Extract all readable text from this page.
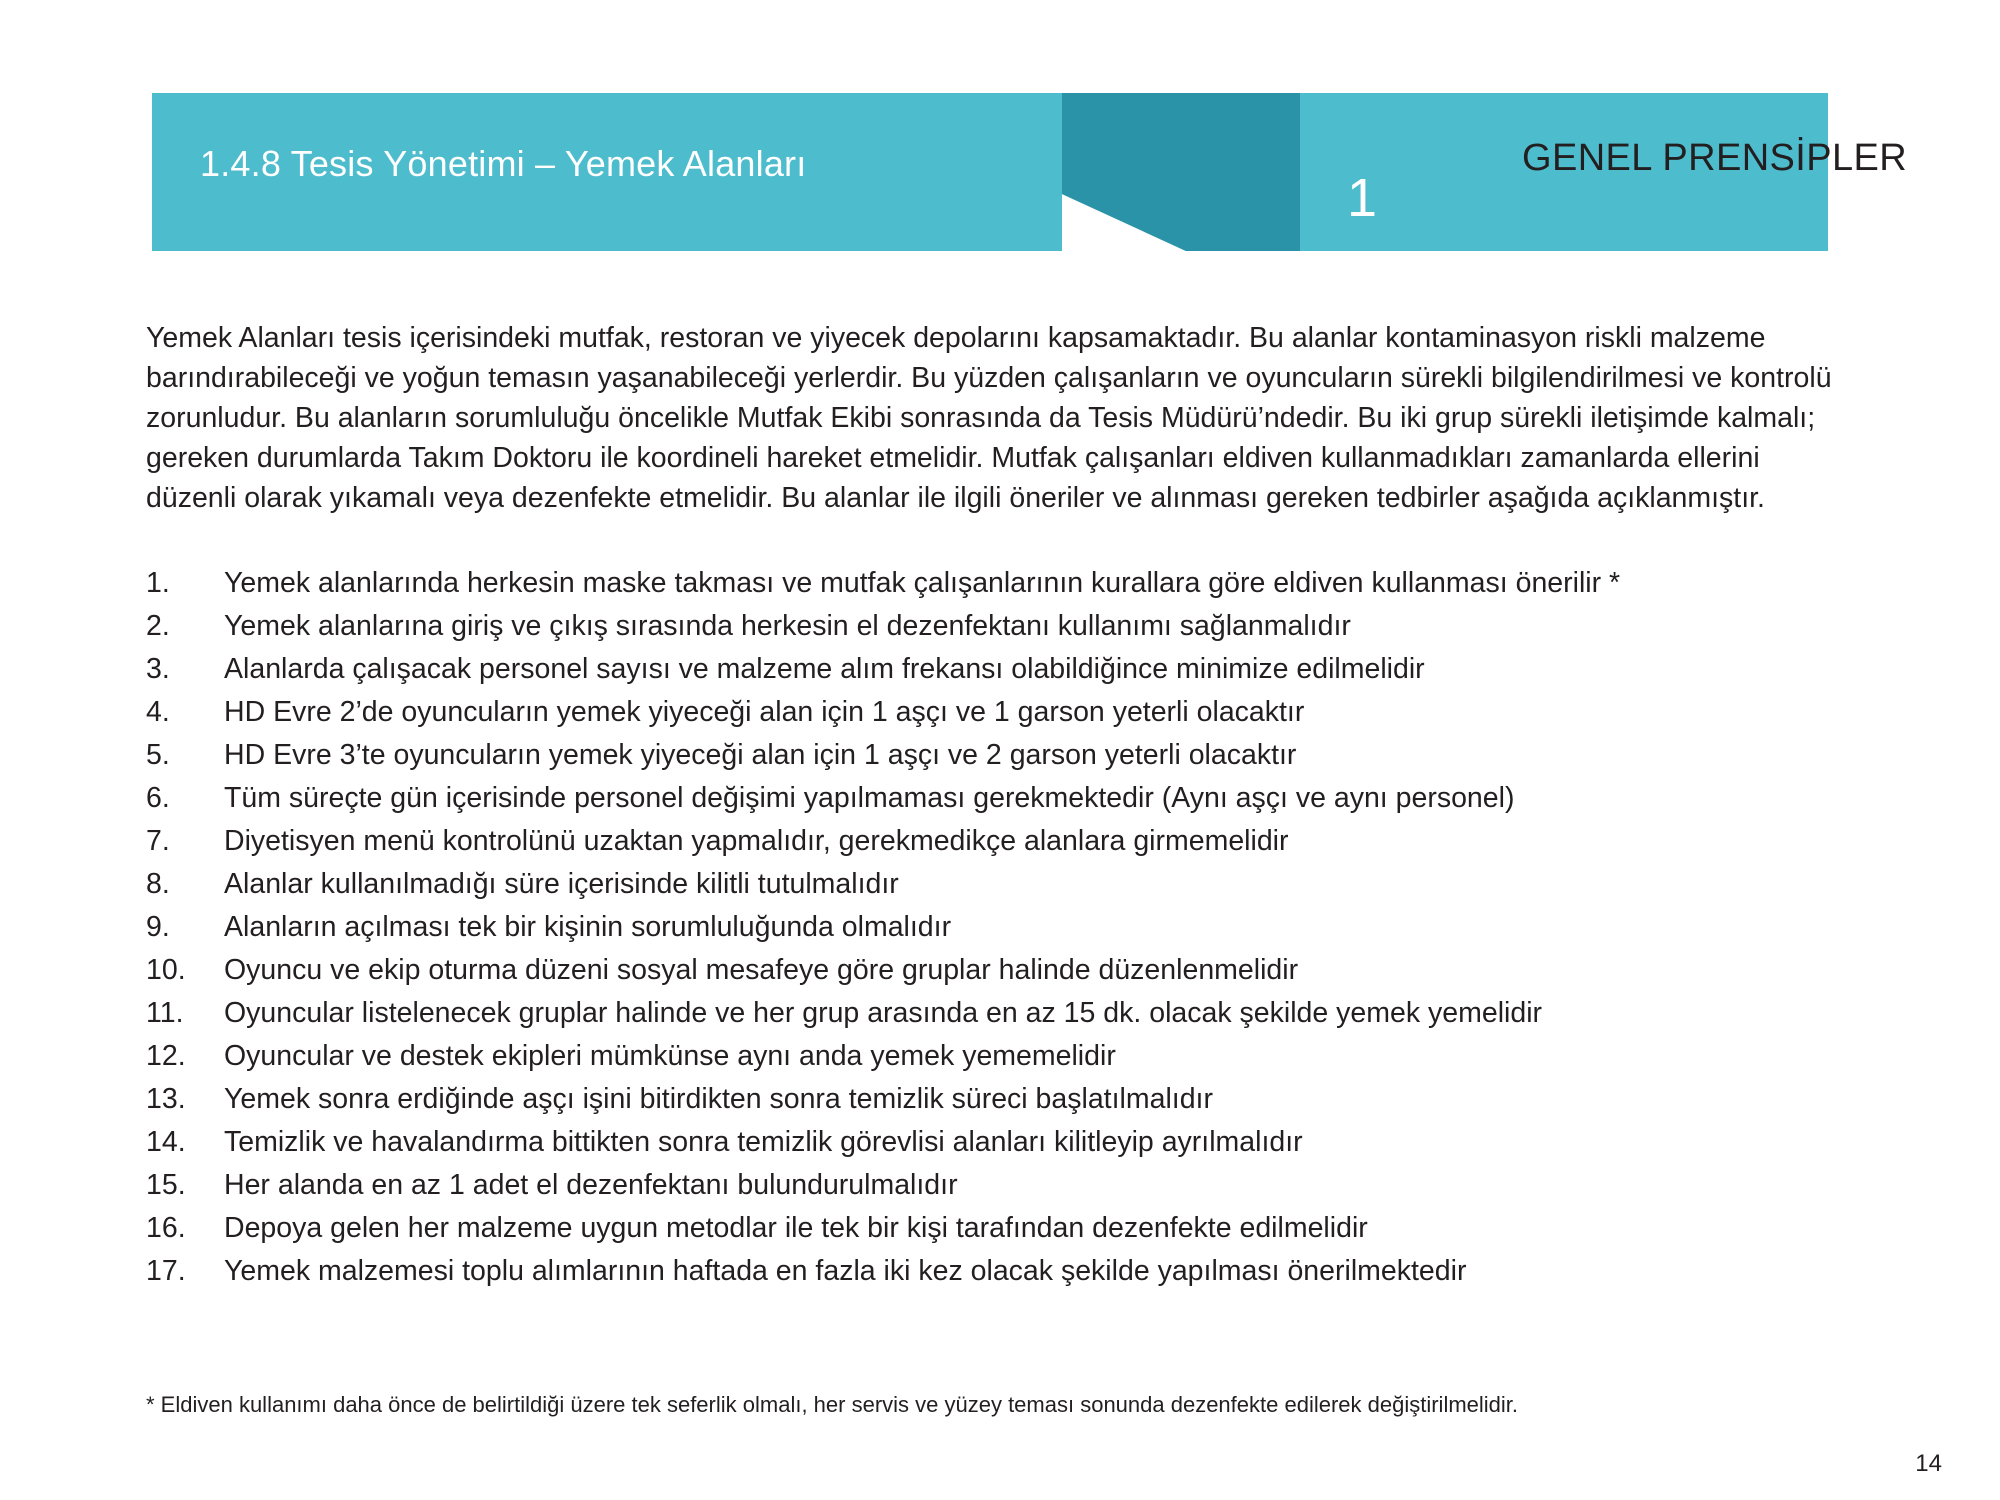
1.4.8 Tesis Yönetimi – Yemek Alanları
1
GENEL PRENSİPLER

Yemek Alanları tesis içerisindeki mutfak, restoran ve yiyecek depolarını kapsamaktadır. Bu alanlar kontaminasyon riskli malzeme barındırabileceği ve yoğun temasın yaşanabileceği yerlerdir. Bu yüzden çalışanların ve oyuncuların sürekli bilgilendirilmesi ve kontrolü zorunludur. Bu alanların sorumluluğu öncelikle Mutfak Ekibi sonrasında da Tesis Müdürü’ndedir. Bu iki grup sürekli iletişimde kalmalı; gereken durumlarda Takım Doktoru ile koordineli hareket etmelidir. Mutfak çalışanları eldiven kullanmadıkları zamanlarda ellerini düzenli olarak yıkamalı veya dezenfekte etmelidir. Bu alanlar ile ilgili öneriler ve alınması gereken tedbirler aşağıda açıklanmıştır.

1.	Yemek alanlarında herkesin maske takması ve mutfak çalışanlarının kurallara göre eldiven kullanması önerilir *
2.	Yemek alanlarına giriş ve çıkış sırasında herkesin el dezenfektanı kullanımı sağlanmalıdır
3.	Alanlarda çalışacak personel sayısı ve malzeme alım frekansı olabildiğince minimize edilmelidir
4.	HD Evre 2’de oyuncuların yemek yiyeceği alan için 1 aşçı ve 1 garson yeterli olacaktır
5.	HD Evre 3’te oyuncuların yemek yiyeceği alan için 1 aşçı ve 2 garson yeterli olacaktır
6.	Tüm süreçte gün içerisinde personel değişimi yapılmaması gerekmektedir (Aynı aşçı ve aynı personel)
7.	Diyetisyen menü kontrolünü uzaktan yapmalıdır, gerekmedikçe alanlara girmemelidir
8.	Alanlar kullanılmadığı süre içerisinde kilitli tutulmalıdır
9.	Alanların açılması tek bir kişinin sorumluluğunda olmalıdır
10.	Oyuncu ve ekip oturma düzeni sosyal mesafeye göre gruplar halinde düzenlenmelidir
11.	Oyuncular listelenecek gruplar halinde ve her grup arasında en az 15 dk. olacak şekilde yemek yemelidir
12.	Oyuncular ve destek ekipleri mümkünse aynı anda yemek yememelidir
13.	Yemek sonra erdiğinde aşçı işini bitirdikten sonra temizlik süreci başlatılmalıdır
14.	Temizlik ve havalandırma bittikten sonra temizlik görevlisi alanları kilitleyip ayrılmalıdır
15.	Her alanda en az 1 adet el dezenfektanı bulundurulmalıdır
16.	Depoya gelen her malzeme uygun metodlar ile tek bir kişi tarafından dezenfekte edilmelidir
17.	Yemek malzemesi toplu alımlarının haftada en fazla iki kez olacak şekilde yapılması önerilmektedir
* Eldiven kullanımı daha önce de belirtildiği üzere tek seferlik olmalı, her servis ve yüzey teması sonunda dezenfekte edilerek değiştirilmelidir.
14
